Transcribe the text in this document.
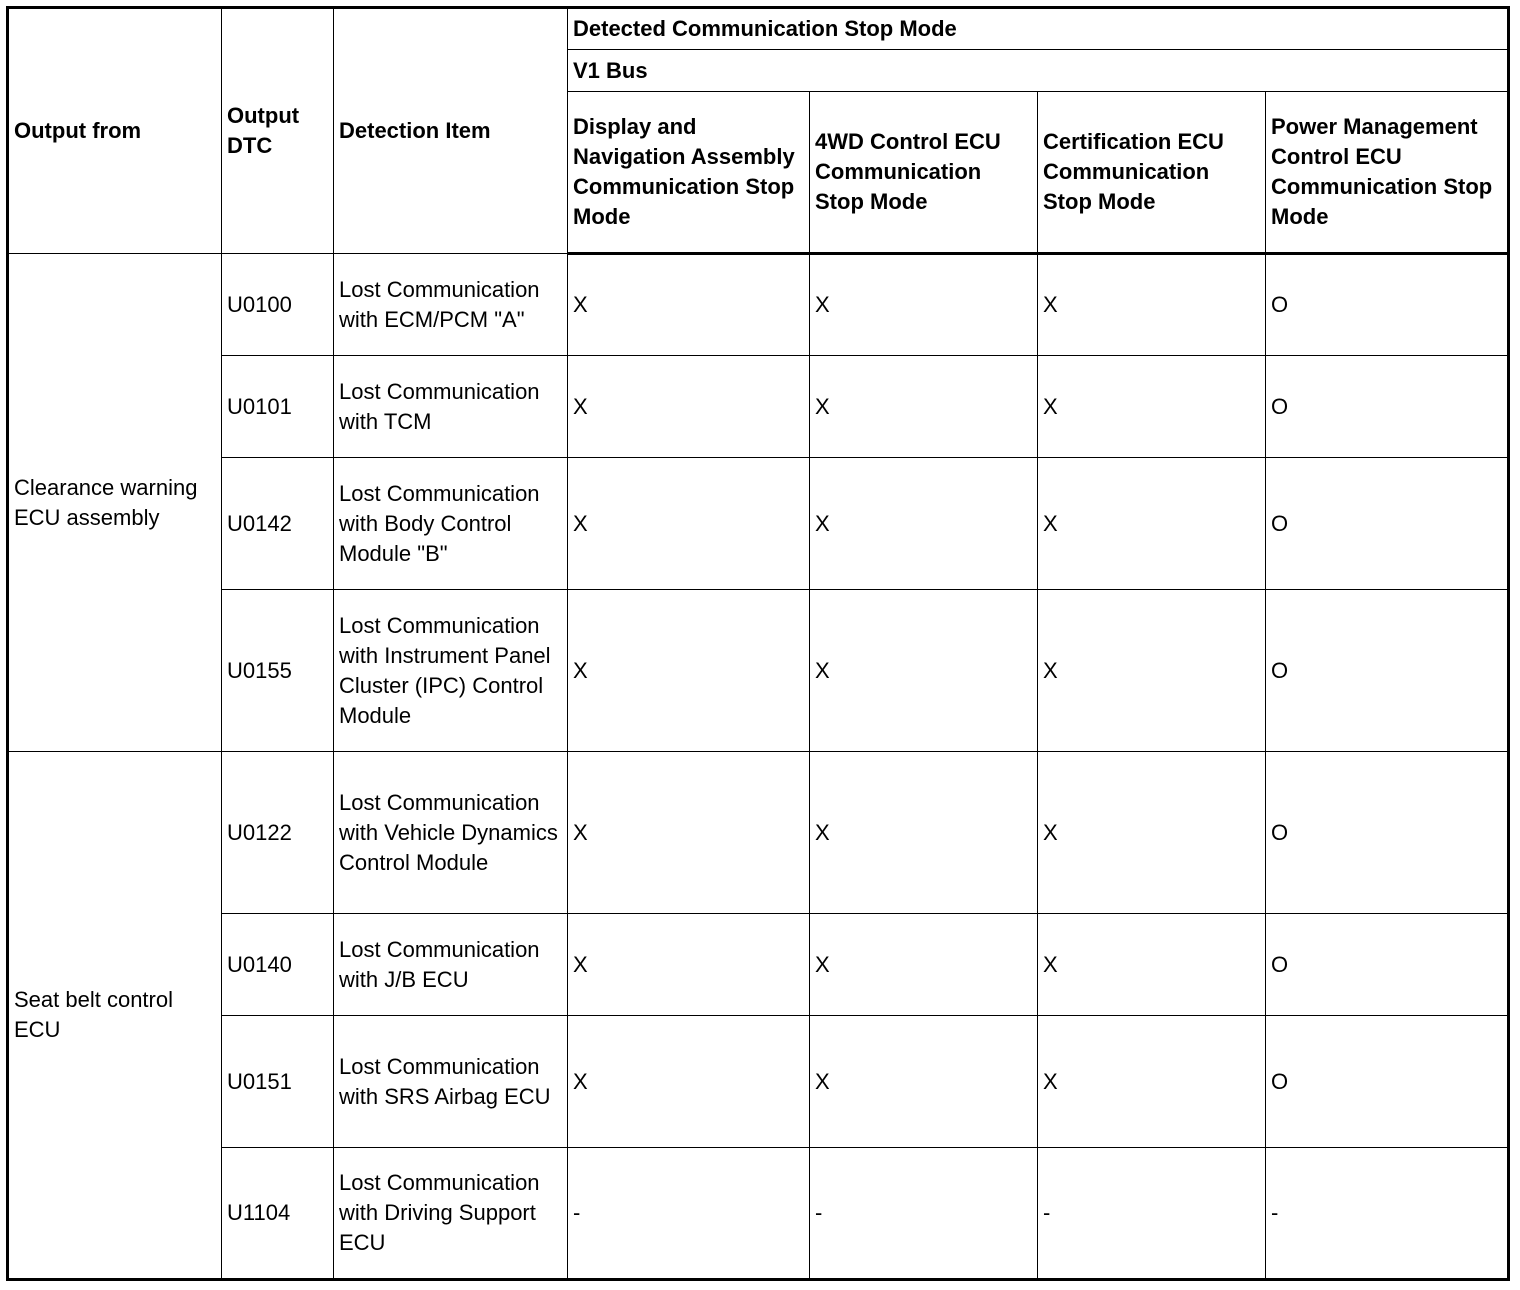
Output from	Output DTC	Detection Item	Detected Communication Stop Mode			
			V1 Bus			
			Display and Navigation Assembly Communication Stop Mode	4WD Control ECU Communication Stop Mode	Certification ECU Communication Stop Mode	Power Management Control ECU Communication Stop Mode
Clearance warning ECU assembly	U0100	Lost Communication with ECM/PCM "A"	X	X	X	O
	U0101	Lost Communication with TCM	X	X	X	O
	U0142	Lost Communication with Body Control Module "B"	X	X	X	O
	U0155	Lost Communication with Instrument Panel Cluster (IPC) Control Module	X	X	X	O
Seat belt control ECU	U0122	Lost Communication with Vehicle Dynamics Control Module	X	X	X	O
	U0140	Lost Communication with J/B ECU	X	X	X	O
	U0151	Lost Communication with SRS Airbag ECU	X	X	X	O
	U1104	Lost Communication with Driving Support ECU	-	-	-	-
